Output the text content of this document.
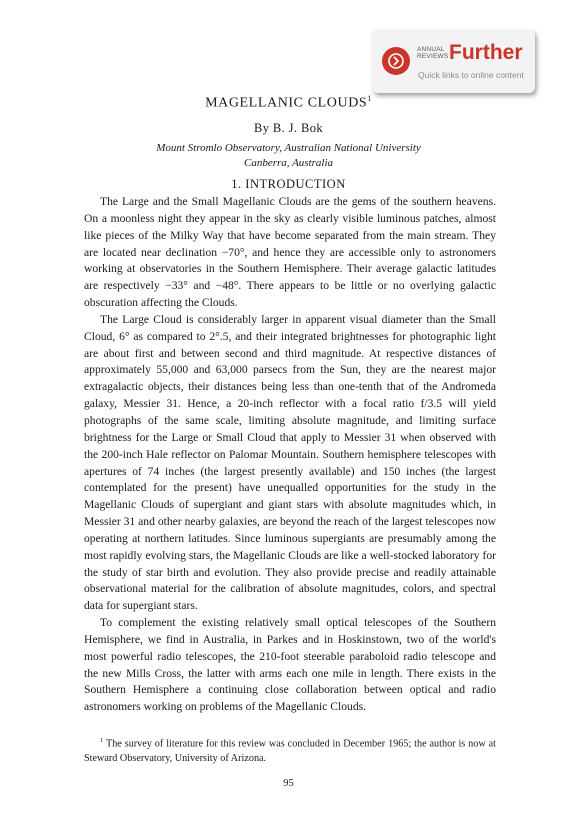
ANNUAL
REVIEWS Further
Quick links to online content
MAGELLANIC CLOUDS$^1$
By B. J. Bok
Mount Stromlo Observatory, Australian National University
Canberra, Australia
1. INTRODUCTION

The Large and the Small Magellanic Clouds are the gems of the southern heavens. On a moonless night they appear in the sky as clearly visible luminous patches, almost like pieces of the Milky Way that have become separated from the main stream. They are located near declination −70°, and hence they are accessible only to astronomers working at observatories in the Southern Hemisphere. Their average galactic latitudes are respectively −33° and −48°. There appears to be little or no overlying galactic obscuration affecting the Clouds.

The Large Cloud is considerably larger in apparent visual diameter than the Small Cloud, 6° as compared to 2°.5, and their integrated brightnesses for photographic light are about first and between second and third magnitude. At respective distances of approximately 55,000 and 63,000 parsecs from the Sun, they are the nearest major extragalactic objects, their distances being less than one-tenth that of the Andromeda galaxy, Messier 31. Hence, a 20-inch reflector with a focal ratio f/3.5 will yield photographs of the same scale, limiting absolute magnitude, and limiting surface brightness for the Large or Small Cloud that apply to Messier 31 when observed with the 200-inch Hale reflector on Palomar Mountain. Southern hemisphere telescopes with apertures of 74 inches (the largest presently available) and 150 inches (the largest contemplated for the present) have unequalled opportunities for the study in the Magellanic Clouds of supergiant and giant stars with absolute magnitudes which, in Messier 31 and other nearby galaxies, are beyond the reach of the largest telescopes now operating at northern latitudes. Since luminous supergiants are presumably among the most rapidly evolving stars, the Magellanic Clouds are like a well-stocked laboratory for the study of star birth and evolution. They also provide precise and readily attainable observational material for the calibration of absolute magnitudes, colors, and spectral data for supergiant stars.

To complement the existing relatively small optical telescopes of the Southern Hemisphere, we find in Australia, in Parkes and in Hoskinstown, two of the world's most powerful radio telescopes, the 210-foot steerable paraboloid radio telescope and the new Mills Cross, the latter with arms each one mile in length. There exists in the Southern Hemisphere a continuing close collaboration between optical and radio astronomers working on problems of the Magellanic Clouds.

$^1$ The survey of literature for this review was concluded in December 1965; the author is now at Steward Observatory, University of Arizona.
95
